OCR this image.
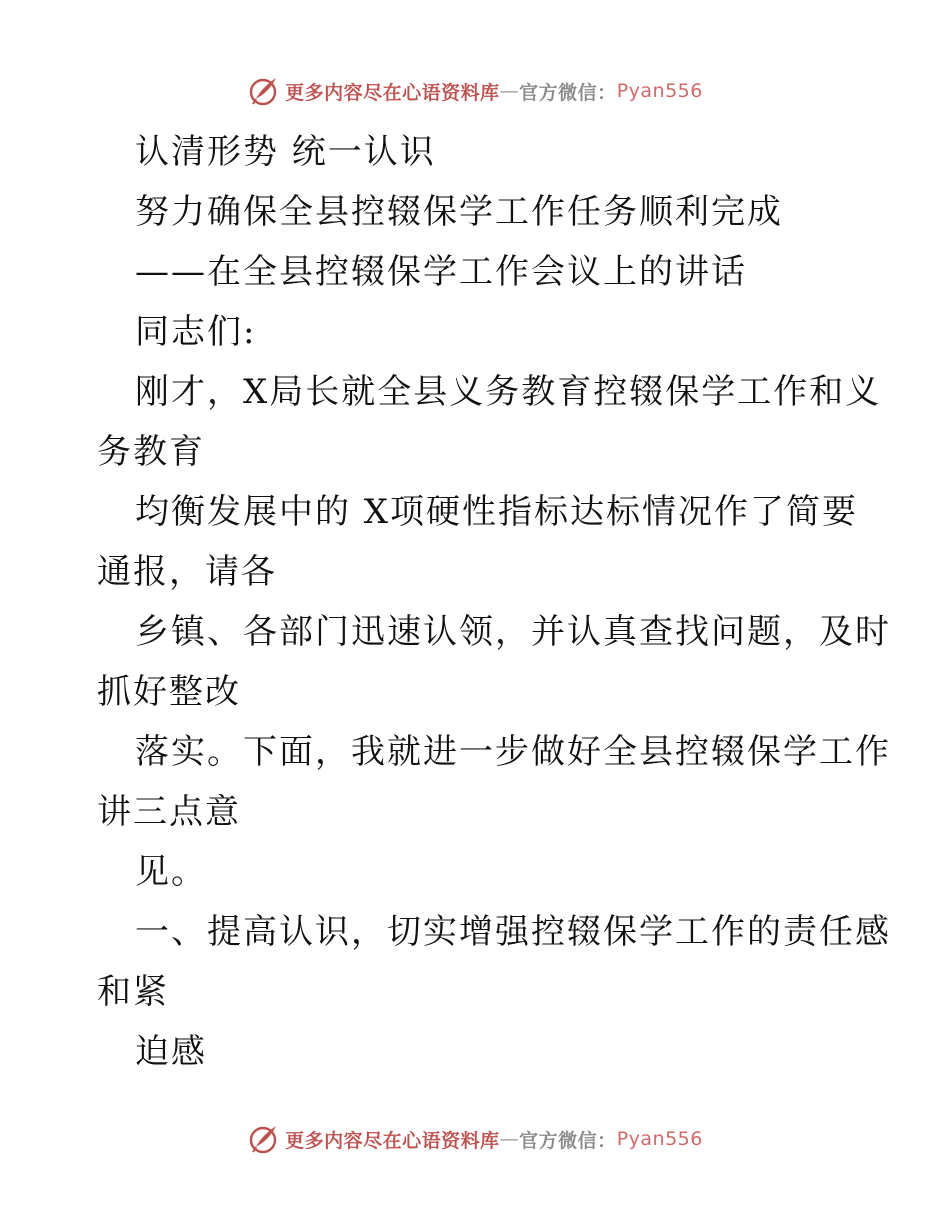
更多内容尽在心语资料库 — 官方微信： Pyan556
认清形势 统一认识
努力确保全县控辍保学工作任务顺利完成
——在全县控辍保学工作会议上的讲话
同志们:
刚才，X局长就全县义务教育控辍保学工作和义
务教育
均衡发展中的 X项硬性指标达标情况作了简要
通报，请各
乡镇、各部门迅速认领，并认真查找问题，及时
抓好整改
落实。下面，我就进一步做好全县控辍保学工作
讲三点意
见。
一、提高认识，切实增强控辍保学工作的责任感
和紧
迫感
更多内容尽在心语资料库 — 官方微信： Pyan556
